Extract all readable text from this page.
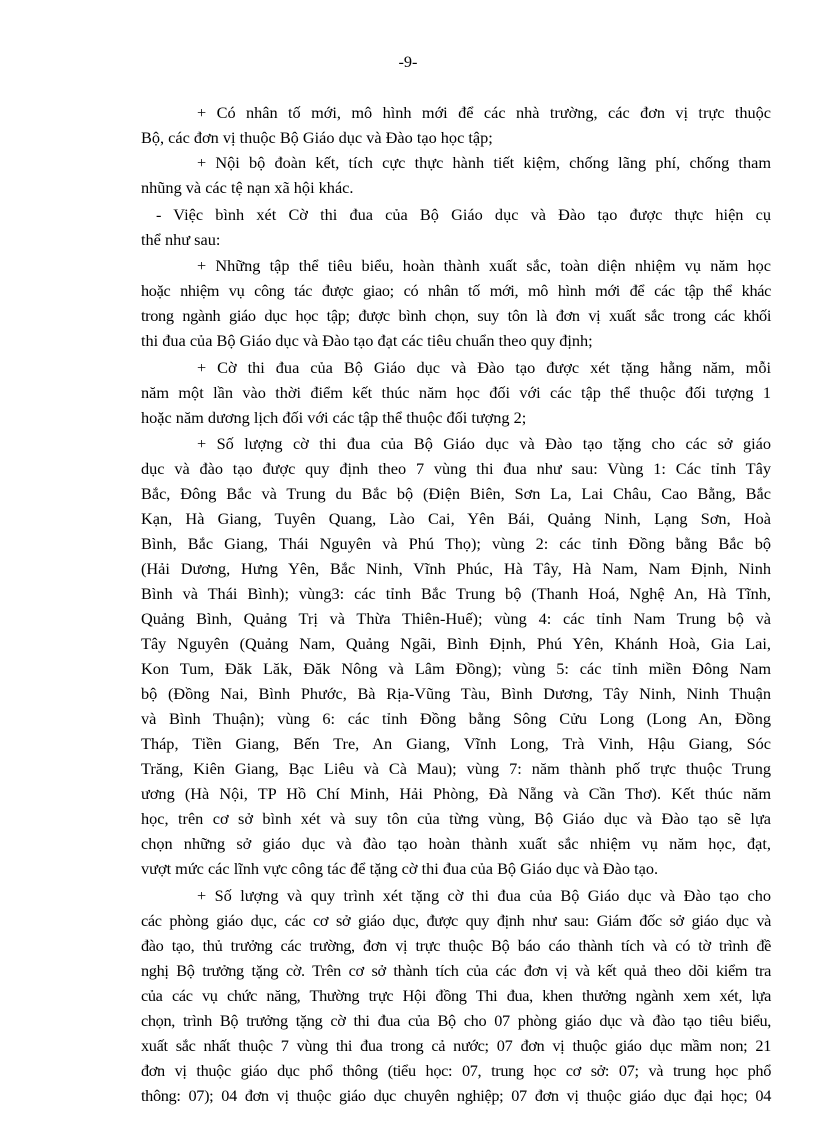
-9-
+ Có nhân tố mới, mô hình mới để các nhà trường, các đơn vị trực thuộc
Bộ, các đơn vị thuộc Bộ Giáo dục và Đào tạo học tập;
+ Nội bộ đoàn kết, tích cực thực hành tiết kiệm, chống lãng phí, chống tham
nhũng và các tệ nạn xã hội khác.
- Việc bình xét Cờ thi đua của Bộ Giáo dục và Đào tạo được thực hiện cụ
thể như sau:
+ Những tập thể tiêu biểu, hoàn thành xuất sắc, toàn diện nhiệm vụ năm học
hoặc nhiệm vụ công tác được giao; có nhân tố mới, mô hình mới để các tập thể khác
trong ngành giáo dục học tập; được bình chọn, suy tôn là đơn vị xuất sắc trong các khối
thi đua của Bộ Giáo dục và Đào tạo đạt các tiêu chuẩn theo quy định;
+ Cờ thi đua của Bộ Giáo dục và Đào tạo được xét tặng hằng năm, mỗi
năm một lần vào thời điểm kết thúc năm học đối với các tập thể thuộc đối tượng 1
hoặc năm dương lịch đối với các tập thể thuộc đối tượng 2;
+ Số lượng cờ thi đua của Bộ Giáo dục và Đào tạo tặng cho các sở giáo
dục và đào tạo được quy định theo 7 vùng thi đua như sau: Vùng 1: Các tỉnh Tây
Bắc, Đông Bắc và Trung du Bắc bộ (Điện Biên, Sơn La, Lai Châu, Cao Bằng, Bắc
Kạn, Hà Giang, Tuyên Quang, Lào Cai, Yên Bái, Quảng Ninh, Lạng Sơn, Hoà
Bình, Bắc Giang, Thái Nguyên và Phú Thọ); vùng 2: các tỉnh Đồng bằng Bắc bộ
(Hải Dương, Hưng Yên, Bắc Ninh, Vĩnh Phúc, Hà Tây, Hà Nam, Nam Định, Ninh
Bình và Thái Bình); vùng3: các tỉnh Bắc Trung bộ (Thanh Hoá, Nghệ An, Hà Tĩnh,
Quảng Bình, Quảng Trị và Thừa Thiên-Huế); vùng 4: các tỉnh Nam Trung bộ và
Tây Nguyên (Quảng Nam, Quảng Ngãi, Bình Định, Phú Yên, Khánh Hoà, Gia Lai,
Kon Tum, Đăk Lăk, Đăk Nông và Lâm Đồng); vùng 5: các tỉnh miền Đông Nam
bộ (Đồng Nai, Bình Phước, Bà Rịa-Vũng Tàu, Bình Dương, Tây Ninh, Ninh Thuận
và Bình Thuận); vùng 6: các tỉnh Đồng bằng Sông Cửu Long (Long An, Đồng
Tháp, Tiền Giang, Bến Tre, An Giang, Vĩnh Long, Trà Vinh, Hậu Giang, Sóc
Trăng, Kiên Giang, Bạc Liêu và Cà Mau); vùng 7: năm thành phố trực thuộc Trung
ương (Hà Nội, TP Hồ Chí Minh, Hải Phòng, Đà Nẵng và Cần Thơ). Kết thúc năm
học, trên cơ sở bình xét và suy tôn của từng vùng, Bộ Giáo dục và Đào tạo sẽ lựa
chọn những sở giáo dục và đào tạo hoàn thành xuất sắc nhiệm vụ năm học, đạt,
vượt mức các lĩnh vực công tác để tặng cờ thi đua của Bộ Giáo dục và Đào tạo.
+ Số lượng và quy trình xét tặng cờ thi đua của Bộ Giáo dục và Đào tạo cho
các phòng giáo dục, các cơ sở giáo dục, được quy định như sau: Giám đốc sở giáo dục và
đào tạo, thủ trưởng các trường, đơn vị trực thuộc Bộ báo cáo thành tích và có tờ trình đề
nghị Bộ trưởng tặng cờ. Trên cơ sở thành tích của các đơn vị và kết quả theo dõi kiểm tra
của các vụ chức năng, Thường trực Hội đồng Thi đua, khen thưởng ngành xem xét, lựa
chọn, trình Bộ trưởng tặng cờ thi đua của Bộ cho 07 phòng giáo dục và đào tạo tiêu biểu,
xuất sắc nhất thuộc 7 vùng thi đua trong cả nước; 07 đơn vị thuộc giáo dục mầm non; 21
đơn vị thuộc giáo dục phổ thông (tiểu học: 07, trung học cơ sở: 07; và trung học phổ
thông: 07); 04 đơn vị thuộc giáo dục chuyên nghiệp; 07 đơn vị thuộc giáo dục đại học; 04
